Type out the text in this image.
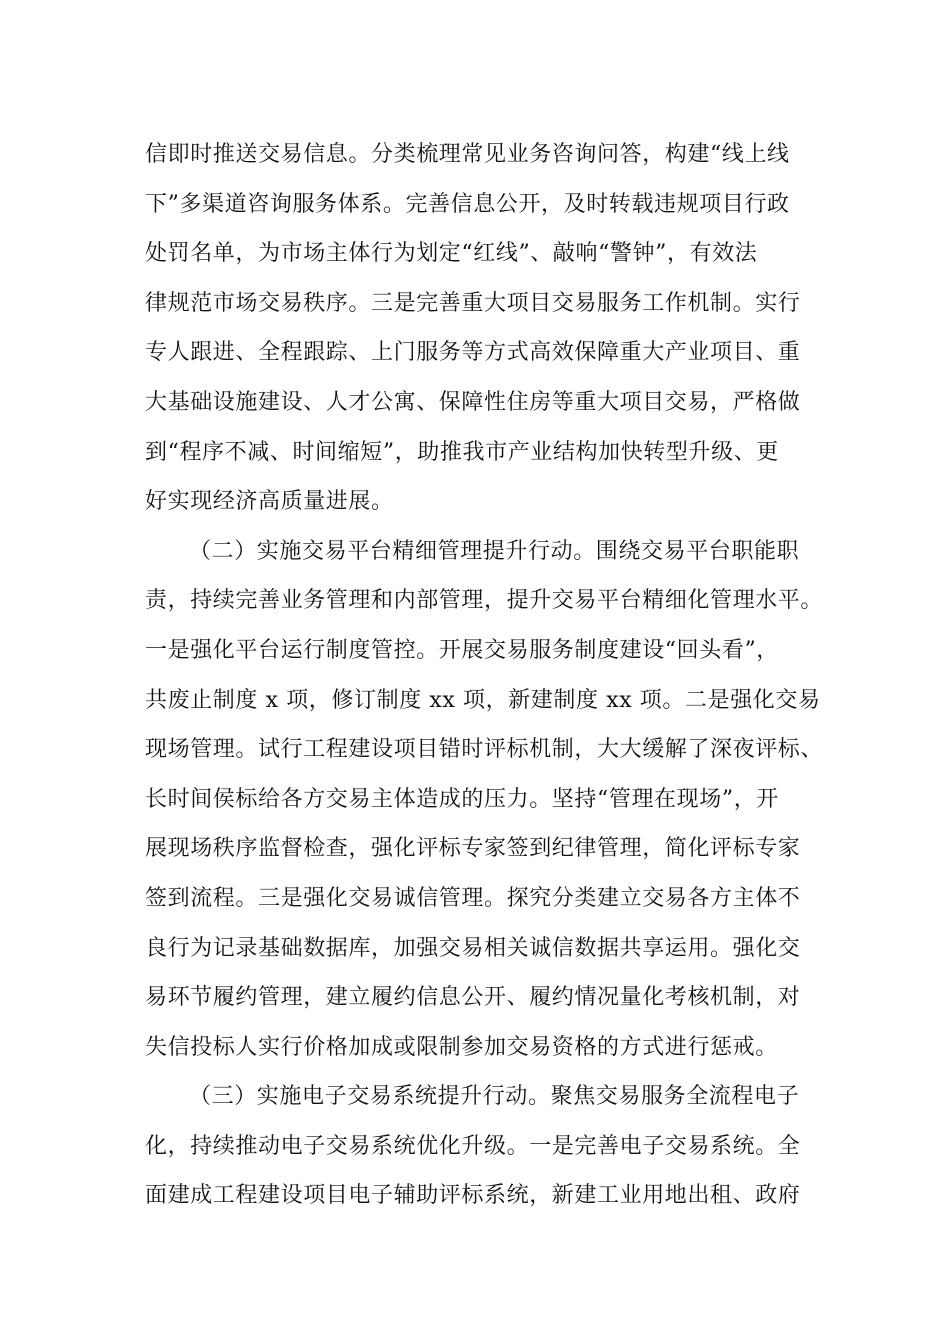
信即时推送交易信息。分类梳理常见业务咨询问答，构建“线上线
下”多渠道咨询服务体系。完善信息公开，及时转载违规项目行政
处罚名单，为市场主体行为划定“红线”、敲响“警钟”，有效法
律规范市场交易秩序。三是完善重大项目交易服务工作机制。实行
专人跟进、全程跟踪、上门服务等方式高效保障重大产业项目、重
大基础设施建设、人才公寓、保障性住房等重大项目交易，严格做
到“程序不减、时间缩短”，助推我市产业结构加快转型升级、更
好实现经济高质量进展。
（二）实施交易平台精细管理提升行动。围绕交易平台职能职
责，持续完善业务管理和内部管理，提升交易平台精细化管理水平。
一是强化平台运行制度管控。开展交易服务制度建设“回头看”，
共废止制度 x 项，修订制度 xx 项，新建制度 xx 项。二是强化交易
现场管理。试行工程建设项目错时评标机制，大大缓解了深夜评标、
长时间侯标给各方交易主体造成的压力。坚持“管理在现场”，开
展现场秩序监督检查，强化评标专家签到纪律管理，简化评标专家
签到流程。三是强化交易诚信管理。探究分类建立交易各方主体不
良行为记录基础数据库，加强交易相关诚信数据共享运用。强化交
易环节履约管理，建立履约信息公开、履约情况量化考核机制，对
失信投标人实行价格加成或限制参加交易资格的方式进行惩戒。
（三）实施电子交易系统提升行动。聚焦交易服务全流程电子
化，持续推动电子交易系统优化升级。一是完善电子交易系统。全
面建成工程建设项目电子辅助评标系统，新建工业用地出租、政府
